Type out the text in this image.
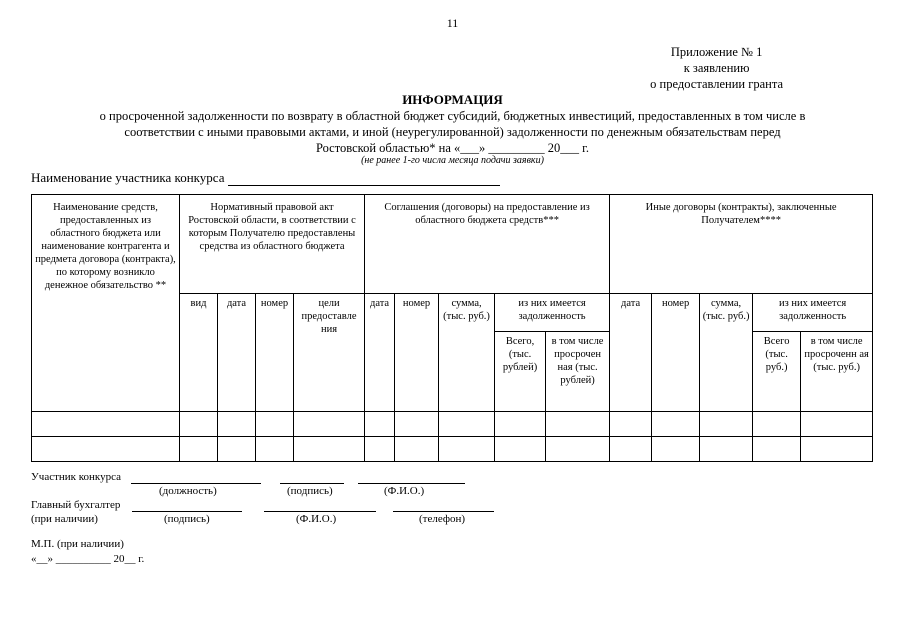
11
Приложение № 1
к заявлению
о предоставлении гранта
ИНФОРМАЦИЯ
о просроченной задолженности по возврату в областной бюджет субсидий, бюджетных инвестиций, предоставленных в том числе в
соответствии с иными правовыми актами, и иной (неурегулированной) задолженности по денежным обязательствам перед
Ростовской областью* на «___» _________ 20___ г.
(не ранее 1-го числа месяца подачи заявки)
Наименование участника конкурса
Наименование средств, предоставленных из областного бюджета или наименование контрагента и предмета договора (контракта), по которому возникло денежное обязательство **	Нормативный правовой акт Ростовской области, в соответствии с которым Получателю предоставлены средства из областного бюджета				Соглашения (договоры) на предоставление из областного бюджета средств***					Иные договоры (контракты), заключенные Получателем****				
	вид	дата	номер	цели предоставле ния	дата	номер	сумма, (тыс. руб.)	из них имеется задолженность		дата	номер	сумма, (тыс. руб.)	из них имеется задолженность	
								Всего, (тыс. рублей)	в том числе просрочен ная (тыс. рублей)				Всего (тыс. руб.)	в том числе просроченн ая (тыс. руб.)

Участник конкурса
(должность)	(подпись)	(Ф.И.О.)
Главный бухгалтер
(при наличии)	(подпись)	(Ф.И.О.)	(телефон)
М.П. (при наличии)
«__» __________ 20__ г.
